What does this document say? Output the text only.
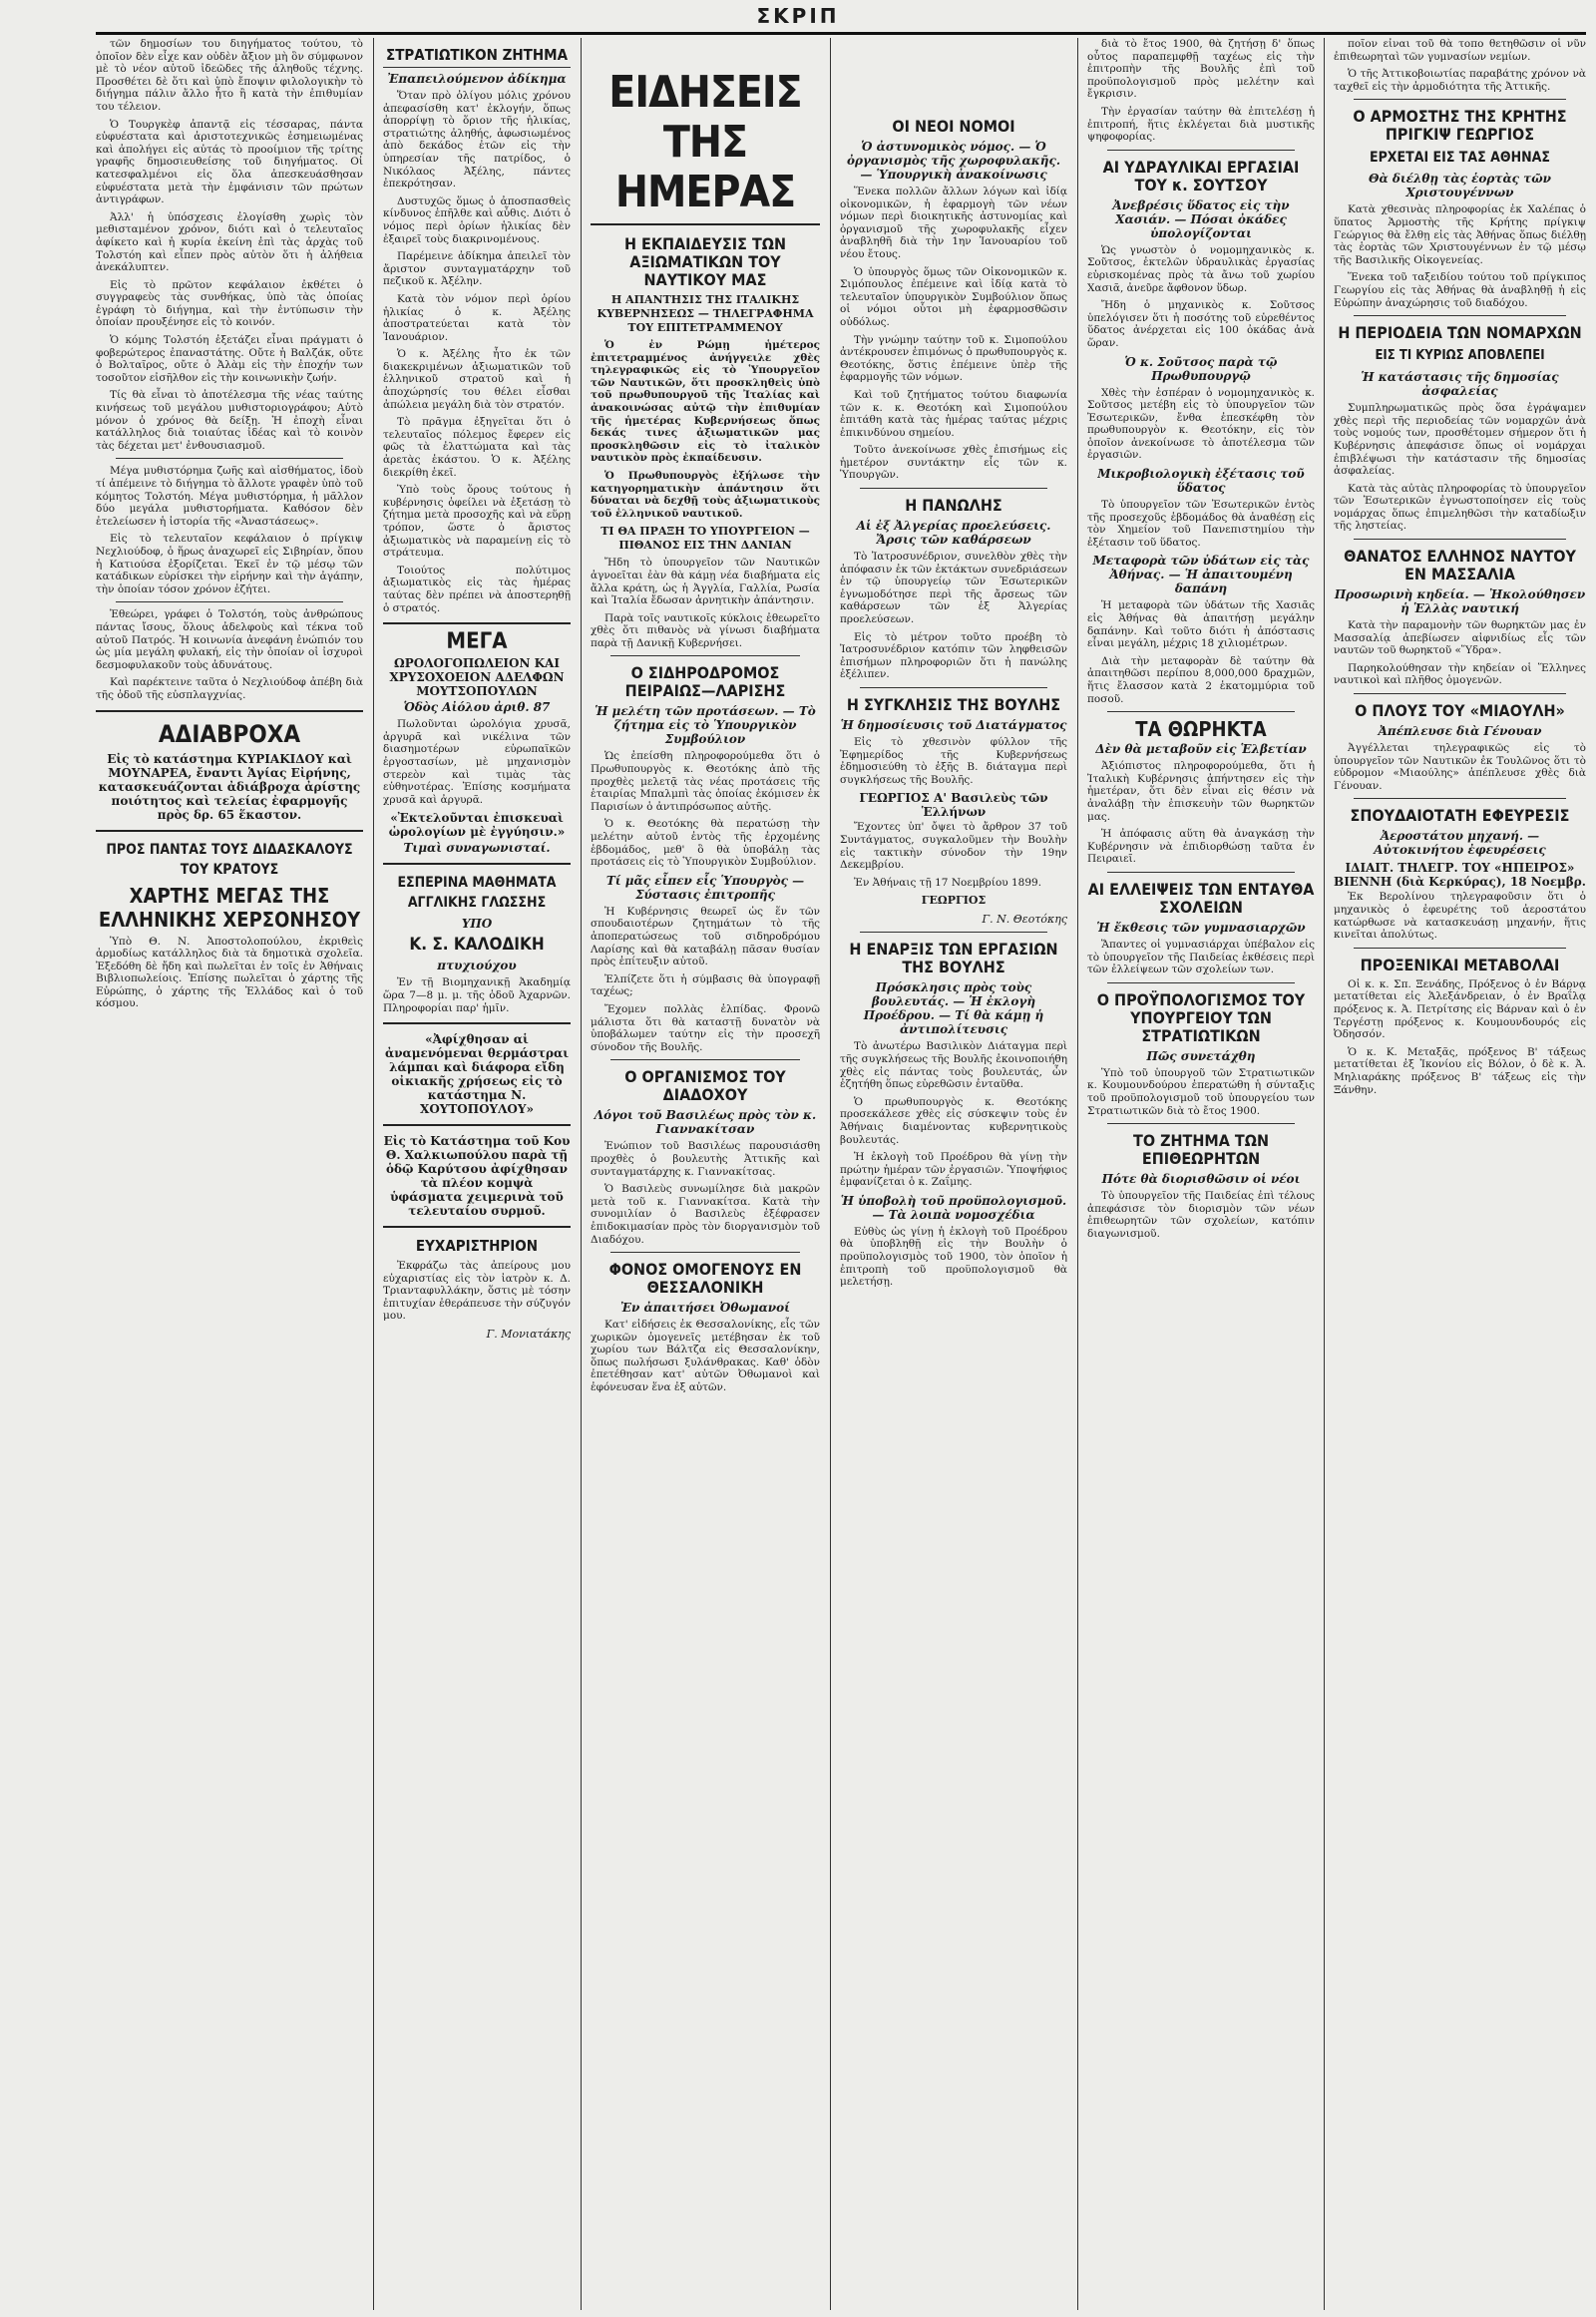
ΣΚΡΙΠ

τῶν δημοσίων του διηγήματος τούτου, τὸ ὁποῖον δὲν εἶχε καν οὐδὲν ἄξιον μὴ ὃν σύμφωνον μὲ τὸ νέον αὐτοῦ ἰδεῶδες τῆς ἀληθοῦς τέχνης. Προσθέτει δὲ ὅτι καὶ ὑπὸ ἔποψιν φιλολογικὴν τὸ διήγημα πάλιν ἄλλο ἦτο ἢ κατὰ τὴν ἐπιθυμίαν του τέλειον.

Ὁ Τουργκὲφ ἀπαντᾷ εἰς τέσσαρας, πάντα εὐφυέστατα καὶ ἀριστοτεχνικῶς ἐσημειωμένας καὶ ἀπολήγει εἰς αὐτάς τὸ προοίμιον τῆς τρίτης γραφῆς δημοσιευθείσης τοῦ διηγήματος. Οἱ κατεσφαλμένοι εἰς ὅλα ἀπεσκευάσθησαν εὐφυέστατα μετὰ τὴν ἐμφάνισιν τῶν πρώτων ἀντιγράφων.

Ἀλλ' ἡ ὑπόσχεσις ἐλογίσθη χωρὶς τὸν μεθισταμένον χρόνον, διότι καὶ ὁ τελευταῖος ἀφίκετο καὶ ἡ κυρία ἐκείνη ἐπὶ τὰς ἀρχὰς τοῦ Τολστόη καὶ εἶπεν πρὸς αὐτὸν ὅτι ἡ ἀλήθεια ἀνεκάλυπτεν.

Εἰς τὸ πρῶτον κεφάλαιον ἐκθέτει ὁ συγγραφεὺς τὰς συνθήκας, ὑπὸ τὰς ὁποίας ἐγράφη τὸ διήγημα, καὶ τὴν ἐντύπωσιν τὴν ὁποίαν προυξένησε εἰς τὸ κοινόν.

Ὁ κόμης Τολστόη ἐξετάζει εἶναι πράγματι ὁ φοβερώτερος ἐπαναστάτης. Οὔτε ἡ Βαλζάκ, οὔτε ὁ Βολταῖρος, οὔτε ὁ Ἀλὰμ εἰς τὴν ἐποχήν των τοσοῦτον εἰσῆλθον εἰς τὴν κοινωνικὴν ζωήν.

Τίς θὰ εἶναι τὸ ἀποτέλεσμα τῆς νέας ταύτης κινήσεως τοῦ μεγάλου μυθιστοριογράφου; Αὐτὸ μόνον ὁ χρόνος θὰ δείξῃ. Ἡ ἐποχὴ εἶναι κατάλληλος διὰ τοιαύτας ἰδέας καὶ τὸ κοινὸν τὰς δέχεται μετ' ἐνθουσιασμοῦ.

Μέγα μυθιστόρημα ζωῆς καὶ αἰσθήματος, ἰδοὺ τί ἀπέμεινε τὸ διήγημα τὸ ἄλλοτε γραφὲν ὑπὸ τοῦ κόμητος Τολστόη. Μέγα μυθιστόρημα, ἡ μᾶλλον δύο μεγάλα μυθιστορήματα. Καθόσον δὲν ἐτελείωσεν ἡ ἱστορία τῆς «Ἀναστάσεως».

Εἰς τὸ τελευταῖον κεφάλαιον ὁ πρίγκιψ Νεχλιούδοφ, ὁ ἥρως ἀναχωρεῖ εἰς Σιβηρίαν, ὅπου ἡ Κατιούσα ἐξορίζεται. Ἐκεῖ ἐν τῷ μέσῳ τῶν κατάδικων εὑρίσκει τὴν εἰρήνην καὶ τὴν ἀγάπην, τὴν ὁποίαν τόσον χρόνον ἐζήτει.

Ἐθεώρει, γράφει ὁ Τολστόη, τοὺς ἀνθρώπους πάντας ἴσους, ὅλους ἀδελφοὺς καὶ τέκνα τοῦ αὐτοῦ Πατρός. Ἡ κοινωνία ἀνεφάνη ἐνώπιόν του ὡς μία μεγάλη φυλακή, εἰς τὴν ὁποίαν οἱ ἰσχυροὶ δεσμοφυλακοῦν τοὺς ἀδυνάτους.

Καὶ παρέκτεινε ταῦτα ὁ Νεχλιούδοφ ἀπέβη διὰ τῆς ὁδοῦ τῆς εὐσπλαγχνίας.

ΑΔΙΑΒΡΟΧΑ

Εἰς τὸ κατάστημα ΚΥΡΙΑΚΙΔΟΥ καὶ ΜΟΥΝΑΡΕΑ, ἔναντι Ἁγίας Εἰρήνης, κατασκευάζονται ἀδιάβροχα ἀρίστης ποιότητος καὶ τελείας ἐφαρμογῆς πρὸς δρ. 65 ἕκαστον.

ΠΡΟΣ ΠΑΝΤΑΣ ΤΟΥΣ ΔΙΔΑΣΚΑΛΟΥΣ ΤΟΥ ΚΡΑΤΟΥΣ
ΧΑΡΤΗΣ ΜΕΓΑΣ ΤΗΣ ΕΛΛΗΝΙΚΗΣ ΧΕΡΣΟΝΗΣΟΥ

Ὑπὸ Θ. Ν. Ἀποστολοπούλου, ἐκριθεὶς ἀρμοδίως κατάλληλος διὰ τὰ δημοτικὰ σχολεῖα. Ἐξεδόθη δὲ ἤδη καὶ πωλεῖται ἐν τοῖς ἐν Ἀθήναις Βιβλιοπωλείοις. Ἐπίσης πωλεῖται ὁ χάρτης τῆς Εὐρώπης, ὁ χάρτης τῆς Ἑλλάδος καὶ ὁ τοῦ κόσμου.

ΣΤΡΑΤΙΩΤΙΚΟΝ ΖΗΤΗΜΑ
Ἐπαπειλούμενον ἀδίκημα

Ὅταν πρὸ ὀλίγου μόλις χρόνου ἀπεφασίσθη κατ' ἐκλογήν, ὅπως ἀπορρίψῃ τὸ ὅριον τῆς ἡλικίας, στρατιώτης ἀληθής, ἀφωσιωμένος ἀπὸ δεκάδος ἐτῶν εἰς τὴν ὑπηρεσίαν τῆς πατρίδος, ὁ Νικόλαος Ἀξέλης, πάντες ἐπεκρότησαν.

Δυστυχῶς ὅμως ὁ ἀποσπασθεὶς κίνδυνος ἐπῆλθε καὶ αὖθις. Διότι ὁ νόμος περὶ ὁρίων ἡλικίας δὲν ἐξαιρεῖ τοὺς διακρινομένους.

Παρέμεινε ἀδίκημα ἀπειλεῖ τὸν ἄριστον συνταγματάρχην τοῦ πεζικοῦ κ. Ἀξέλην.

Κατὰ τὸν νόμον περὶ ὁρίου ἡλικίας ὁ κ. Ἀξέλης ἀποστρατεύεται κατὰ τὸν Ἰανουάριον.

Ὁ κ. Ἀξέλης ἦτο ἐκ τῶν διακεκριμένων ἀξιωματικῶν τοῦ ἑλληνικοῦ στρατοῦ καὶ ἡ ἀποχώρησίς του θέλει εἶσθαι ἀπώλεια μεγάλη διὰ τὸν στρατόν.

Τὸ πρᾶγμα ἐξηγεῖται ὅτι ὁ τελευταῖος πόλεμος ἔφερεν εἰς φῶς τὰ ἐλαττώματα καὶ τὰς ἀρετὰς ἑκάστου. Ὁ κ. Ἀξέλης διεκρίθη ἐκεῖ.

Ὑπὸ τοὺς ὅρους τούτους ἡ κυβέρνησις ὀφείλει νὰ ἐξετάσῃ τὸ ζήτημα μετὰ προσοχῆς καὶ νὰ εὕρῃ τρόπον, ὥστε ὁ ἄριστος ἀξιωματικὸς νὰ παραμείνῃ εἰς τὸ στράτευμα.

Τοιούτος πολύτιμος ἀξιωματικὸς εἰς τὰς ἡμέρας ταύτας δὲν πρέπει νὰ ἀποστερηθῇ ὁ στρατός.

ΜΕΓΑ
ΩΡΟΛΟΓΟΠΩΛΕΙΟΝ ΚΑΙ ΧΡΥΣΟΧΟΕΙΟΝ ΑΔΕΛΦΩΝ ΜΟΥΤΣΟΠΟΥΛΩΝ
Ὁδὸς Αἰόλου ἀριθ. 87

Πωλοῦνται ὡρολόγια χρυσᾶ, ἀργυρᾶ καὶ νικέλινα τῶν διασημοτέρων εὐρωπαϊκῶν ἐργοστασίων, μὲ μηχανισμὸν στερεὸν καὶ τιμὰς τὰς εὐθηνοτέρας. Ἐπίσης κοσμήματα χρυσᾶ καὶ ἀργυρᾶ.

«Ἐκτελοῦνται ἐπισκευαὶ ὡρολογίων μὲ ἐγγύησιν.»
Τιμαὶ συναγωνισταί.
ΕΣΠΕΡΙΝΑ ΜΑΘΗΜΑΤΑ ΑΓΓΛΙΚΗΣ ΓΛΩΣΣΗΣ
ΥΠΟ
Κ. Σ. ΚΑΛΟΔΙΚΗ
πτυχιούχου

Ἐν τῇ Βιομηχανικῇ Ἀκαδημίᾳ ὥρα 7—8 μ. μ. τῆς ὁδοῦ Ἀχαρνῶν. Πληροφορίαι παρ' ἡμῖν.

«Ἀφίχθησαν αἱ ἀναμενόμεναι θερμάστραι λάμπαι καὶ διάφορα εἴδη οἰκιακῆς χρήσεως εἰς τὸ κατάστημα Ν. ΧΟΥΤΟΠΟΥΛΟΥ»

Εἰς τὸ Κατάστημα τοῦ Κου Θ. Χαλκιωπούλου παρὰ τῇ ὁδῷ Καρύτσου ἀφίχθησαν τὰ πλέον κομψὰ ὑφάσματα χειμερινὰ τοῦ τελευταίου συρμοῦ.

ΕΥΧΑΡΙΣΤΗΡΙΟΝ

Ἐκφράζω τὰς ἀπείρους μου εὐχαριστίας εἰς τὸν ἰατρὸν κ. Δ. Τριανταφυλλάκην, ὅστις μὲ τόσην ἐπιτυχίαν ἐθεράπευσε τὴν σύζυγόν μου.

Γ. Μονιατάκης
ΕΙΔΗΣΕΙΣ ΤΗΣ ΗΜΕΡΑΣ
Η ΕΚΠΑΙΔΕΥΣΙΣ ΤΩΝ ΑΞΙΩΜΑΤΙΚΩΝ ΤΟΥ ΝΑΥΤΙΚΟΥ ΜΑΣ
Η ΑΠΑΝΤΗΣΙΣ ΤΗΣ ΙΤΑΛΙΚΗΣ ΚΥΒΕΡΝΗΣΕΩΣ — ΤΗΛΕΓΡΑΦΗΜΑ ΤΟΥ ΕΠΙΤΕΤΡΑΜΜΕΝΟΥ

Ὁ ἐν Ρώμῃ ἡμέτερος ἐπιτετραμμένος ἀνήγγειλε χθὲς τηλεγραφικῶς εἰς τὸ Ὑπουργεῖον τῶν Ναυτικῶν, ὅτι προσκληθεὶς ὑπὸ τοῦ πρωθυπουργοῦ τῆς Ἰταλίας καὶ ἀνακοινώσας αὐτῷ τὴν ἐπιθυμίαν τῆς ἡμετέρας Κυβερνήσεως ὅπως δεκάς τινες ἀξιωματικῶν μας προσκληθῶσιν εἰς τὸ ἰταλικὸν ναυτικὸν πρὸς ἐκπαίδευσιν.

Ὁ Πρωθυπουργὸς ἐξήλωσε τὴν κατηγορηματικὴν ἀπάντησιν ὅτι δύναται νὰ δεχθῇ τοὺς ἀξιωματικοὺς τοῦ ἑλληνικοῦ ναυτικοῦ.

ΤΙ ΘΑ ΠΡΑΞΗ ΤΟ ΥΠΟΥΡΓΕΙΟΝ — ΠΙΘΑΝΟΣ ΕΙΣ ΤΗΝ ΔΑΝΙΑΝ

Ἤδη τὸ ὑπουργεῖον τῶν Ναυτικῶν ἀγνοεῖται ἐὰν θὰ κάμῃ νέα διαβήματα εἰς ἄλλα κράτη, ὡς ἡ Ἀγγλία, Γαλλία, Ρωσία καὶ Ἰταλία ἔδωσαν ἀρνητικὴν ἀπάντησιν.

Παρὰ τοῖς ναυτικοῖς κύκλοις ἐθεωρεῖτο χθὲς ὅτι πιθανὸς νὰ γίνωσι διαβήματα παρὰ τῇ Δανικῇ Κυβερνήσει.

Ο ΣΙΔΗΡΟΔΡΟΜΟΣ ΠΕΙΡΑΙΩΣ—ΛΑΡΙΣΗΣ
Ἡ μελέτη τῶν προτάσεων. — Τὸ ζήτημα εἰς τὸ Ὑπουργικὸν Συμβούλιον

Ὡς ἐπείσθη πληροφορούμεθα ὅτι ὁ Πρωθυπουργὸς κ. Θεοτόκης ἀπὸ τῆς προχθὲς μελετᾷ τὰς νέας προτάσεις τῆς ἑταιρίας Μπαλμπὶ τὰς ὁποίας ἐκόμισεν ἐκ Παρισίων ὁ ἀντιπρόσωπος αὐτῆς.

Ὁ κ. Θεοτόκης θὰ περατώσῃ τὴν μελέτην αὐτοῦ ἐντὸς τῆς ἐρχομένης ἑβδομάδος, μεθ' ὃ θὰ ὑποβάλῃ τὰς προτάσεις εἰς τὸ Ὑπουργικὸν Συμβούλιον.

Τί μᾶς εἶπεν εἷς Ὑπουργὸς — Σύστασις ἐπιτροπῆς

Ἡ Κυβέρνησις θεωρεῖ ὡς ἕν τῶν σπουδαιοτέρων ζητημάτων τὸ τῆς ἀποπερατώσεως τοῦ σιδηροδρόμου Λαρίσης καὶ θὰ καταβάλῃ πᾶσαν θυσίαν πρὸς ἐπίτευξιν αὐτοῦ.

Ἐλπίζετε ὅτι ἡ σύμβασις θὰ ὑπογραφῇ ταχέως;

Ἔχομεν πολλὰς ἐλπίδας. Φρονῶ μάλιστα ὅτι θὰ καταστῇ δυνατὸν νὰ ὑποβάλωμεν ταύτην εἰς τὴν προσεχῆ σύνοδον τῆς Βουλῆς.

Ο ΟΡΓΑΝΙΣΜΟΣ ΤΟΥ ΔΙΑΔΟΧΟΥ
Λόγοι τοῦ Βασιλέως πρὸς τὸν κ. Γιαννακίτσαν

Ἐνώπιον τοῦ Βασιλέως παρουσιάσθη προχθὲς ὁ βουλευτὴς Ἀττικῆς καὶ συνταγματάρχης κ. Γιαννακίτσας.

Ὁ Βασιλεὺς συνωμίλησε διὰ μακρῶν μετὰ τοῦ κ. Γιαννακίτσα. Κατὰ τὴν συνομιλίαν ὁ Βασιλεὺς ἐξέφρασεν ἐπιδοκιμασίαν πρὸς τὸν διοργανισμὸν τοῦ Διαδόχου.

ΦΟΝΟΣ ΟΜΟΓΕΝΟΥΣ ΕΝ ΘΕΣΣΑΛΟΝΙΚΗ
Ἐν ἀπαιτήσει Ὀθωμανοί

Κατ' εἰδήσεις ἐκ Θεσσαλονίκης, εἷς τῶν χωρικῶν ὁμογενεῖς μετέβησαν ἐκ τοῦ χωρίου των Βάλτζα εἰς Θεσσαλονίκην, ὅπως πωλήσωσι ξυλάνθρακας. Καθ' ὁδὸν ἐπετέθησαν κατ' αὐτῶν Ὀθωμανοὶ καὶ ἐφόνευσαν ἕνα ἐξ αὐτῶν.

ΟΙ ΝΕΟΙ ΝΟΜΟΙ
Ὁ ἀστυνομικὸς νόμος. — Ὁ ὀργανισμὸς τῆς χωροφυλακῆς. — Ὑπουργικὴ ἀνακοίνωσις

Ἕνεκα πολλῶν ἄλλων λόγων καὶ ἰδίᾳ οἰκονομικῶν, ἡ ἐφαρμογὴ τῶν νέων νόμων περὶ διοικητικῆς ἀστυνομίας καὶ ὀργανισμοῦ τῆς χωροφυλακῆς εἶχεν ἀναβληθῆ διὰ τὴν 1ην Ἰανουαρίου τοῦ νέου ἔτους.

Ὁ ὑπουργὸς ὅμως τῶν Οἰκονομικῶν κ. Σιμόπουλος ἐπέμεινε καὶ ἰδίᾳ κατὰ τὸ τελευταῖον ὑπουργικὸν Συμβούλιον ὅπως οἱ νόμοι οὗτοι μὴ ἐφαρμοσθῶσιν οὐδόλως.

Τὴν γνώμην ταύτην τοῦ κ. Σιμοπούλου ἀντέκρουσεν ἐπιμόνως ὁ πρωθυπουργὸς κ. Θεοτόκης, ὅστις ἐπέμεινε ὑπὲρ τῆς ἐφαρμογῆς τῶν νόμων.

Καὶ τοῦ ζητήματος τούτου διαφωνία τῶν κ. κ. Θεοτόκη καὶ Σιμοπούλου ἐπιτάθη κατὰ τὰς ἡμέρας ταύτας μέχρις ἐπικινδύνου σημείου.

Τοῦτο ἀνεκοίνωσε χθὲς ἐπισήμως εἰς ἡμετέρον συντάκτην εἷς τῶν κ. Ὑπουργῶν.

Η ΠΑΝΩΛΗΣ
Αἱ ἐξ Ἀλγερίας προελεύσεις. Ἄρσις τῶν καθάρσεων

Τὸ Ἰατροσυνέδριον, συνελθὸν χθὲς τὴν ἀπόφασιν ἐκ τῶν ἐκτάκτων συνεδριάσεων ἐν τῷ ὑπουργείῳ τῶν Ἐσωτερικῶν ἐγνωμοδότησε περὶ τῆς ἄρσεως τῶν καθάρσεων τῶν ἐξ Ἀλγερίας προελεύσεων.

Εἰς τὸ μέτρον τοῦτο προέβη τὸ Ἰατροσυνέδριον κατόπιν τῶν ληφθεισῶν ἐπισήμων πληροφοριῶν ὅτι ἡ πανώλης ἐξέλιπεν.

Η ΣΥΓΚΛΗΣΙΣ ΤΗΣ ΒΟΥΛΗΣ
Ἡ δημοσίευσις τοῦ Διατάγματος

Εἰς τὸ χθεσινὸν φύλλον τῆς Ἐφημερίδος τῆς Κυβερνήσεως ἐδημοσιεύθη τὸ ἐξῆς Β. διάταγμα περὶ συγκλήσεως τῆς Βουλῆς.

ΓΕΩΡΓΙΟΣ Α' Βασιλεὺς τῶν Ἑλλήνων

Ἔχοντες ὑπ' ὄψει τὸ ἄρθρον 37 τοῦ Συντάγματος, συγκαλοῦμεν τὴν Βουλὴν εἰς τακτικὴν σύνοδον τὴν 19ην Δεκεμβρίου.

Ἐν Ἀθήναις τῇ 17 Νοεμβρίου 1899.

ΓΕΩΡΓΙΟΣ
Γ. Ν. Θεοτόκης
Η ΕΝΑΡΞΙΣ ΤΩΝ ΕΡΓΑΣΙΩΝ ΤΗΣ ΒΟΥΛΗΣ
Πρόσκλησις πρὸς τοὺς βουλευτάς. — Ἡ ἐκλογὴ Προέδρου. — Τί θὰ κάμῃ ἡ ἀντιπολίτευσις

Τὸ ἀνωτέρω Βασιλικὸν Διάταγμα περὶ τῆς συγκλήσεως τῆς Βουλῆς ἐκοινοποιήθη χθὲς εἰς πάντας τοὺς βουλευτάς, ὧν ἐζητήθη ὅπως εὑρεθῶσιν ἐνταῦθα.

Ὁ πρωθυπουργὸς κ. Θεοτόκης προσεκάλεσε χθὲς εἰς σύσκεψιν τοὺς ἐν Ἀθήναις διαμένοντας κυβερνητικοὺς βουλευτάς.

Ἡ ἐκλογὴ τοῦ Προέδρου θὰ γίνῃ τὴν πρώτην ἡμέραν τῶν ἐργασιῶν. Ὑποψήφιος ἐμφανίζεται ὁ κ. Ζαΐμης.

Ἡ ὑποβολὴ τοῦ προϋπολογισμοῦ. — Τὰ λοιπὰ νομοσχέδια

Εὐθὺς ὡς γίνῃ ἡ ἐκλογὴ τοῦ Προέδρου θὰ ὑποβληθῇ εἰς τὴν Βουλὴν ὁ προϋπολογισμὸς τοῦ 1900, τὸν ὁποῖον ἡ ἐπιτροπὴ τοῦ προϋπολογισμοῦ θὰ μελετήσῃ.

διὰ τὸ ἔτος 1900, θὰ ζητήσῃ δ' ὅπως οὗτος παραπεμφθῇ ταχέως εἰς τὴν ἐπιτροπὴν τῆς Βουλῆς ἐπὶ τοῦ προϋπολογισμοῦ πρὸς μελέτην καὶ ἔγκρισιν.

Τὴν ἐργασίαν ταύτην θὰ ἐπιτελέσῃ ἡ ἐπιτροπή, ἥτις ἐκλέγεται διὰ μυστικῆς ψηφοφορίας.

ΑΙ ΥΔΡΑΥΛΙΚΑΙ ΕΡΓΑΣΙΑΙ ΤΟΥ κ. ΣΟΥΤΣΟΥ
Ἀνεβρέσις ὕδατος εἰς τὴν Χασιάν. — Πόσαι ὀκάδες ὑπολογίζονται

Ὡς γνωστὸν ὁ νομομηχανικὸς κ. Σοῦτσος, ἐκτελῶν ὑδραυλικὰς ἐργασίας εὑρισκομένας πρὸς τὰ ἄνω τοῦ χωρίου Χασιᾶ, ἀνεῦρε ἄφθονον ὕδωρ.

Ἤδη ὁ μηχανικὸς κ. Σοῦτσος ὑπελόγισεν ὅτι ἡ ποσότης τοῦ εὑρεθέντος ὕδατος ἀνέρχεται εἰς 100 ὀκάδας ἀνὰ ὥραν.

Ὁ κ. Σοῦτσος παρὰ τῷ Πρωθυπουργῷ

Χθὲς τὴν ἑσπέραν ὁ νομομηχανικὸς κ. Σοῦτσος μετέβη εἰς τὸ ὑπουργεῖον τῶν Ἐσωτερικῶν, ἔνθα ἐπεσκέφθη τὸν πρωθυπουργὸν κ. Θεοτόκην, εἰς τὸν ὁποῖον ἀνεκοίνωσε τὸ ἀποτέλεσμα τῶν ἐργασιῶν.

Μικροβιολογικὴ ἐξέτασις τοῦ ὕδατος

Τὸ ὑπουργεῖον τῶν Ἐσωτερικῶν ἐντὸς τῆς προσεχοῦς ἑβδομάδος θὰ ἀναθέσῃ εἰς τὸν Χημείον τοῦ Πανεπιστημίου τὴν ἐξέτασιν τοῦ ὕδατος.

Μεταφορὰ τῶν ὑδάτων εἰς τὰς Ἀθήνας. — Ἡ ἀπαιτουμένη δαπάνη

Ἡ μεταφορὰ τῶν ὑδάτων τῆς Χασιᾶς εἰς Ἀθήνας θὰ ἀπαιτήσῃ μεγάλην δαπάνην. Καὶ τοῦτο διότι ἡ ἀπόστασις εἶναι μεγάλη, μέχρις 18 χιλιομέτρων.

Διὰ τὴν μεταφορὰν δὲ ταύτην θὰ ἀπαιτηθῶσι περίπου 8,000,000 δραχμῶν, ἥτις ἔλασσον κατὰ 2 ἑκατομμύρια τοῦ ποσοῦ.

ΤΑ ΘΩΡΗΚΤΑ
Δὲν θὰ μεταβοῦν εἰς Ἑλβετίαν

Ἀξιόπιστος πληροφορούμεθα, ὅτι ἡ Ἰταλικὴ Κυβέρνησις ἀπήντησεν εἰς τὴν ἡμετέραν, ὅτι δὲν εἶναι εἰς θέσιν νὰ ἀναλάβῃ τὴν ἐπισκευὴν τῶν θωρηκτῶν μας.

Ἡ ἀπόφασις αὕτη θὰ ἀναγκάσῃ τὴν Κυβέρνησιν νὰ ἐπιδιορθώσῃ ταῦτα ἐν Πειραιεῖ.

ΑΙ ΕΛΛΕΙΨΕΙΣ ΤΩΝ ΕΝΤΑΥΘΑ ΣΧΟΛΕΙΩΝ
Ἡ ἔκθεσις τῶν γυμνασιαρχῶν

Ἅπαντες οἱ γυμνασιάρχαι ὑπέβαλον εἰς τὸ ὑπουργεῖον τῆς Παιδείας ἐκθέσεις περὶ τῶν ἐλλείψεων τῶν σχολείων των.

Ο ΠΡΟΫΠΟΛΟΓΙΣΜΟΣ ΤΟΥ ΥΠΟΥΡΓΕΙΟΥ ΤΩΝ ΣΤΡΑΤΙΩΤΙΚΩΝ
Πῶς συνετάχθη

Ὑπὸ τοῦ ὑπουργοῦ τῶν Στρατιωτικῶν κ. Κουμουνδούρου ἐπερατώθη ἡ σύνταξις τοῦ προϋπολογισμοῦ τοῦ ὑπουργείου των Στρατιωτικῶν διὰ τὸ ἔτος 1900.

ΤΟ ΖΗΤΗΜΑ ΤΩΝ ΕΠΙΘΕΩΡΗΤΩΝ
Πότε θὰ διορισθῶσιν οἱ νέοι

Τὸ ὑπουργεῖον τῆς Παιδείας ἐπὶ τέλους ἀπεφάσισε τὸν διορισμὸν τῶν νέων ἐπιθεωρητῶν τῶν σχολείων, κατόπιν διαγωνισμοῦ.

ποῖον εἶναι τοῦ θὰ τοπο θετηθῶσιν οἱ νῦν ἐπιθεωρηταὶ τῶν γυμνασίων νεμίων.

Ὁ τῆς Ἀττικοβοιωτίας παραβάτης χρόνον νὰ ταχθεῖ εἰς τὴν ἀρμοδιότητα τῆς Ἀττικῆς.

Ο ΑΡΜΟΣΤΗΣ ΤΗΣ ΚΡΗΤΗΣ ΠΡΙΓΚΙΨ ΓΕΩΡΓΙΟΣ
ΕΡΧΕΤΑΙ ΕΙΣ ΤΑΣ ΑΘΗΝΑΣ
Θὰ διέλθῃ τὰς ἑορτὰς τῶν Χριστουγέννων

Κατὰ χθεσινὰς πληροφορίας ἐκ Χαλέπας ὁ ὕπατος Ἁρμοστὴς τῆς Κρήτης πρίγκιψ Γεώργιος θὰ ἔλθῃ εἰς τὰς Ἀθήνας ὅπως διέλθῃ τὰς ἑορτὰς τῶν Χριστουγέννων ἐν τῷ μέσῳ τῆς Βασιλικῆς Οἰκογενείας.

Ἕνεκα τοῦ ταξειδίου τούτου τοῦ πρίγκιπος Γεωργίου εἰς τὰς Ἀθήνας θὰ ἀναβληθῇ ἡ εἰς Εὐρώπην ἀναχώρησις τοῦ διαδόχου.

Η ΠΕΡΙΟΔΕΙΑ ΤΩΝ ΝΟΜΑΡΧΩΝ
ΕΙΣ ΤΙ ΚΥΡΙΩΣ ΑΠΟΒΛΕΠΕΙ
Ἡ κατάστασις τῆς δημοσίας ἀσφαλείας

Συμπληρωματικῶς πρὸς ὅσα ἐγράψαμεν χθὲς περὶ τῆς περιοδείας τῶν νομαρχῶν ἀνὰ τοὺς νομούς των, προσθέτομεν σήμερον ὅτι ἡ Κυβέρνησις ἀπεφάσισε ὅπως οἱ νομάρχαι ἐπιβλέψωσι τὴν κατάστασιν τῆς δημοσίας ἀσφαλείας.

Κατὰ τὰς αὐτὰς πληροφορίας τὸ ὑπουργεῖον τῶν Ἐσωτερικῶν ἐγνωστοποίησεν εἰς τοὺς νομάρχας ὅπως ἐπιμεληθῶσι τὴν καταδίωξιν τῆς ληστείας.

ΘΑΝΑΤΟΣ ΕΛΛΗΝΟΣ ΝΑΥΤΟΥ ΕΝ ΜΑΣΣΑΛΙΑ
Προσωρινὴ κηδεία. — Ἠκολούθησεν ἡ Ἑλλὰς ναυτική

Κατὰ τὴν παραμονὴν τῶν θωρηκτῶν μας ἐν Μασσαλίᾳ ἀπεβίωσεν αἰφνιδίως εἷς τῶν ναυτῶν τοῦ θωρηκτοῦ «Ὕδρα».

Παρηκολούθησαν τὴν κηδείαν οἱ Ἕλληνες ναυτικοὶ καὶ πλῆθος ὁμογενῶν.

Ο ΠΛΟΥΣ ΤΟΥ «ΜΙΑΟΥΛΗ»
Ἀπέπλευσε διὰ Γένουαν

Ἀγγέλλεται τηλεγραφικῶς εἰς τὸ ὑπουργεῖον τῶν Ναυτικῶν ἐκ Τουλῶνος ὅτι τὸ εὐδρομον «Μιαούλης» ἀπέπλευσε χθὲς διὰ Γένουαν.

ΣΠΟΥΔΑΙΟΤΑΤΗ ΕΦΕΥΡΕΣΙΣ
Ἀεροστάτου μηχανή. — Αὐτοκινήτου ἐφευρέσεις
ΙΔΙΑΙΤ. ΤΗΛΕΓΡ. ΤΟΥ «ΗΠΕΙΡΟΣ» ΒΙΕΝΝΗ (διὰ Κερκύρας), 18 Νοεμβρ.

Ἐκ Βερολίνου τηλεγραφοῦσιν ὅτι ὁ μηχανικὸς ὁ ἐφευρέτης τοῦ ἀεροστάτου κατώρθωσε νὰ κατασκευάσῃ μηχανήν, ἥτις κινεῖται ἀπολύτως.

ΠΡΟΞΕΝΙΚΑΙ ΜΕΤΑΒΟΛΑΙ

Οἱ κ. κ. Σπ. Ξενάδης, Πρόξενος ὁ ἐν Βάρνᾳ μετατίθεται εἰς Ἁλεξάνδρειαν, ὁ ἐν Βραΐλᾳ πρόξενος κ. Ἀ. Πετρίτσης εἰς Βάρναν καὶ ὁ ἐν Τεργέστῃ πρόξενος κ. Κουμουνδουρός εἰς Ὀδησσόν.

Ὁ κ. Κ. Μεταξᾶς, πρόξενος Β' τάξεως μετατίθεται ἐξ Ἰκονίου εἰς Βόλον, ὁ δὲ κ. Ἀ. Μηλιαράκης πρόξενος Β' τάξεως εἰς τὴν Ξάνθην.
